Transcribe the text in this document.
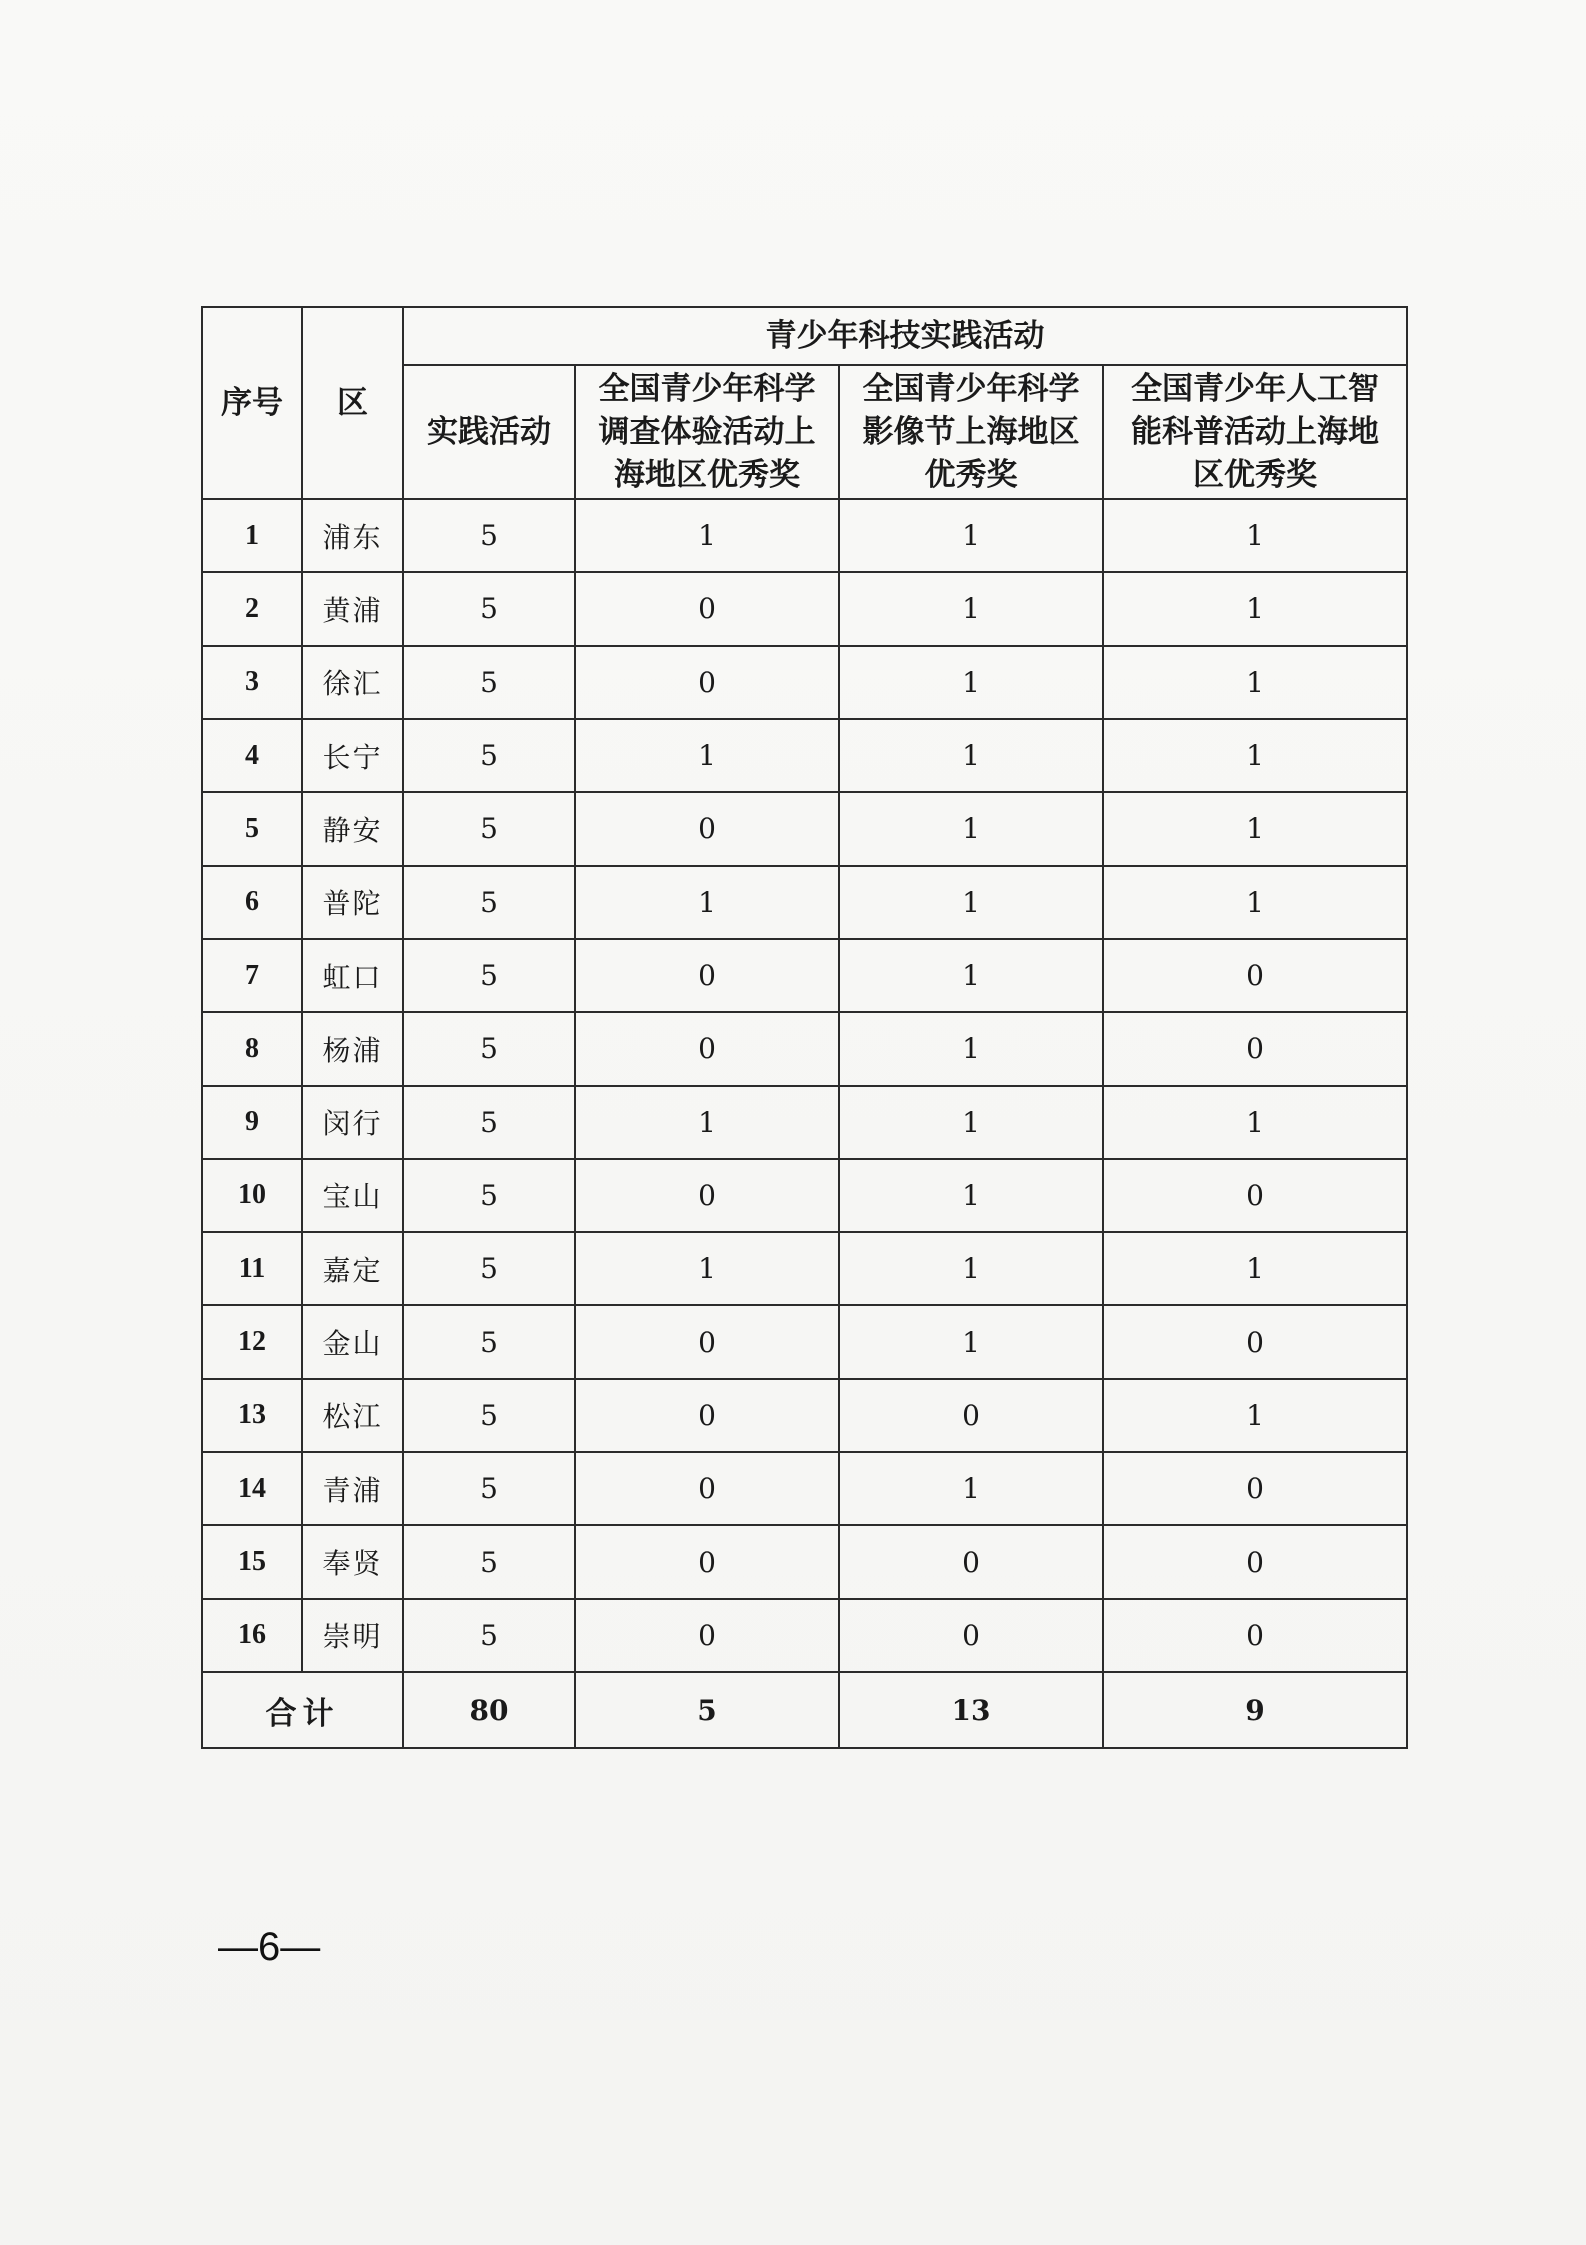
序号	区	青少年科技实践活动			
		实践活动	全国青少年科学调查体验活动上海地区优秀奖	全国青少年科学影像节上海地区优秀奖	全国青少年人工智能科普活动上海地区优秀奖
1	浦东	5	1	1	1
2	黄浦	5	0	1	1
3	徐汇	5	0	1	1
4	长宁	5	1	1	1
5	静安	5	0	1	1
6	普陀	5	1	1	1
7	虹口	5	0	1	0
8	杨浦	5	0	1	0
9	闵行	5	1	1	1
10	宝山	5	0	1	0
11	嘉定	5	1	1	1
12	金山	5	0	1	0
13	松江	5	0	0	1
14	青浦	5	0	1	0
15	奉贤	5	0	0	0
16	崇明	5	0	0	0
合计		80	5	13	9
—6—
